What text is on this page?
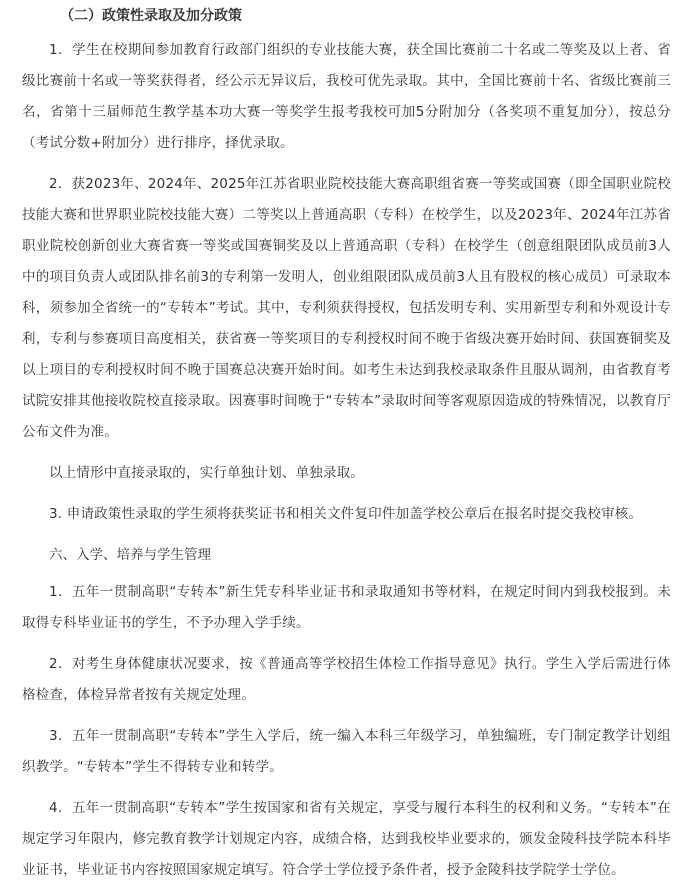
（二）政策性录取及加分政策

1．学生在校期间参加教育行政部门组织的专业技能大赛，获全国比赛前二十名或二等奖及以上者、省级比赛前十名或一等奖获得者，经公示无异议后，我校可优先录取。其中，全国比赛前十名、省级比赛前三名，省第十三届师范生教学基本功大赛一等奖学生报考我校可加5分附加分（各奖项不重复加分），按总分（考试分数+附加分）进行排序，择优录取。

2．获2023年、2024年、2025年江苏省职业院校技能大赛高职组省赛一等奖或国赛（即全国职业院校技能大赛和世界职业院校技能大赛）二等奖以上普通高职（专科）在校学生，以及2023年、2024年江苏省职业院校创新创业大赛省赛一等奖或国赛铜奖及以上普通高职（专科）在校学生（创意组限团队成员前3人中的项目负责人或团队排名前3的专利第一发明人，创业组限团队成员前3人且有股权的核心成员）可录取本科，须参加全省统一的“专转本”考试。其中，专利须获得授权，包括发明专利、实用新型专利和外观设计专利，专利与参赛项目高度相关，获省赛一等奖项目的专利授权时间不晚于省级决赛开始时间、获国赛铜奖及以上项目的专利授权时间不晚于国赛总决赛开始时间。如考生未达到我校录取条件且服从调剂，由省教育考试院安排其他接收院校直接录取。因赛事时间晚于“专转本”录取时间等客观原因造成的特殊情况，以教育厅公布文件为准。

以上情形中直接录取的，实行单独计划、单独录取。

3. 申请政策性录取的学生须将获奖证书和相关文件复印件加盖学校公章后在报名时提交我校审核。

六、入学、培养与学生管理

1．五年一贯制高职“专转本”新生凭专科毕业证书和录取通知书等材料，在规定时间内到我校报到。未取得专科毕业证书的学生，不予办理入学手续。

2．对考生身体健康状况要求，按《普通高等学校招生体检工作指导意见》执行。学生入学后需进行体格检查，体检异常者按有关规定处理。

3．五年一贯制高职“专转本”学生入学后，统一编入本科三年级学习，单独编班，专门制定教学计划组织教学。“专转本”学生不得转专业和转学。

4．五年一贯制高职“专转本”学生按国家和省有关规定，享受与履行本科生的权利和义务。“专转本”在规定学习年限内，修完教育教学计划规定内容，成绩合格，达到我校毕业要求的，颁发金陵科技学院本科毕业证书，毕业证书内容按照国家规定填写。符合学士学位授予条件者，授予金陵科技学院学士学位。
